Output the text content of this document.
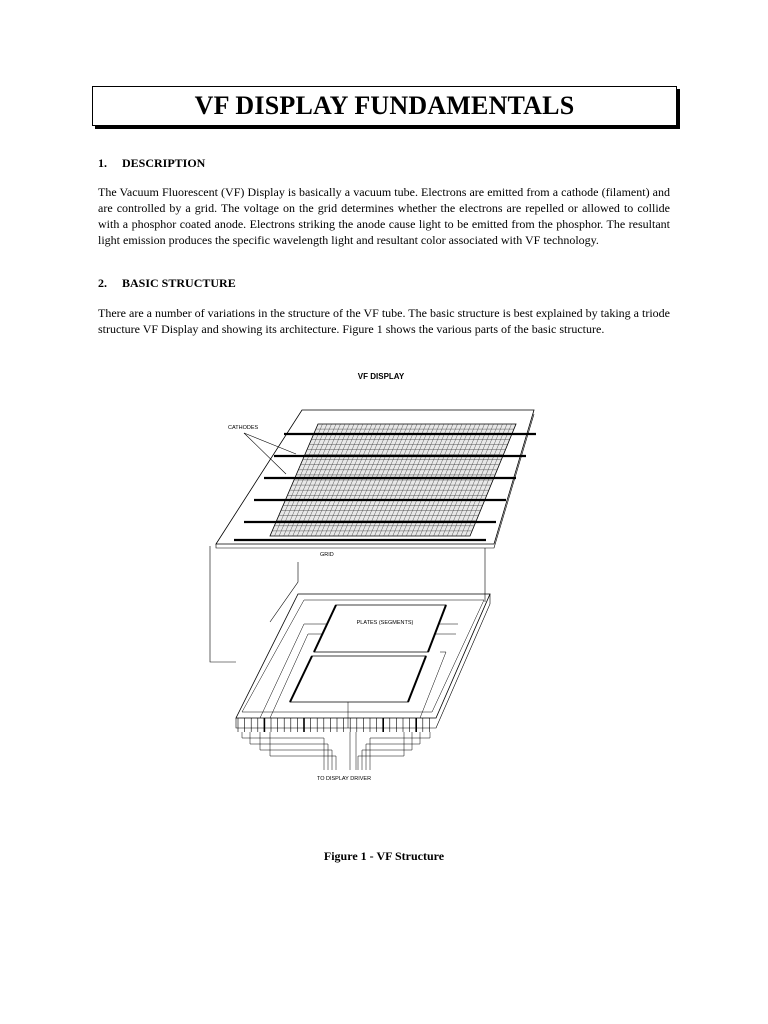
VF DISPLAY FUNDAMENTALS
1. DESCRIPTION

The Vacuum Fluorescent (VF) Display is basically a vacuum tube. Electrons are emitted from a cathode (filament) and are controlled by a grid. The voltage on the grid determines whether the electrons are repelled or allowed to collide with a phosphor coated anode. Electrons striking the anode cause light to be emitted from the phosphor. The resultant light emission produces the specific wavelength light and resultant color associated with VF technology.

2. BASIC STRUCTURE

There are a number of variations in the structure of the VF tube. The basic structure is best explained by taking a triode structure VF Display and showing its architecture. Figure 1 shows the various parts of the basic structure.

VF DISPLAY
CATHODES
GRID
PLATES (SEGMENTS)
TO DISPLAY DRIVER
Figure 1 - VF Structure
